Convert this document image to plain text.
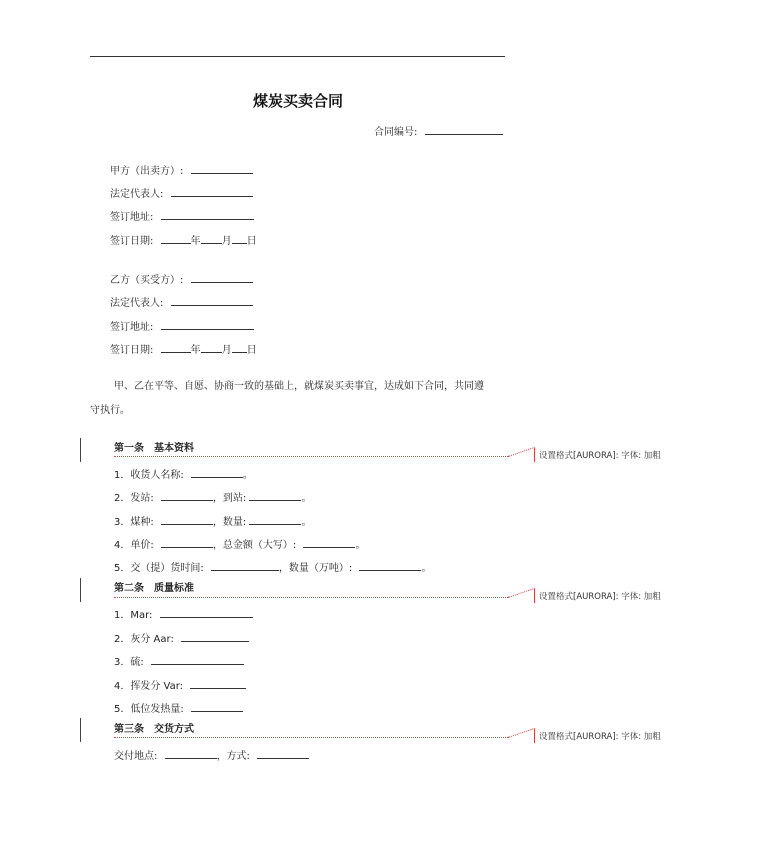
煤炭买卖合同
合同编号:
甲方（出卖方）:
法定代表人:
签订地址:
签订日期:	年 月 日
乙方（买受方）:
法定代表人:
签订地址:
签订日期:	年 月 日
甲、乙在平等、自愿、协商一致的基础上，就煤炭买卖事宜，达成如下合同，共同遵
守执行。
第一条　基本资料
设置格式[AURORA]: 字体: 加粗
1．收货人名称:	。
2．发站:	，到站:	。
3．煤种:	，数量:	。
4．单价:	，总金额（大写）:	。
5．交（提）货时间:	，数量（万吨）:	。
第二条　质量标准
设置格式[AURORA]: 字体: 加粗
1．Mar:
2．灰分 Aar:
3．硫:
4．挥发分 Var:
5．低位发热量:
第三条　交货方式
设置格式[AURORA]: 字体: 加粗
交付地点:	，方式:
